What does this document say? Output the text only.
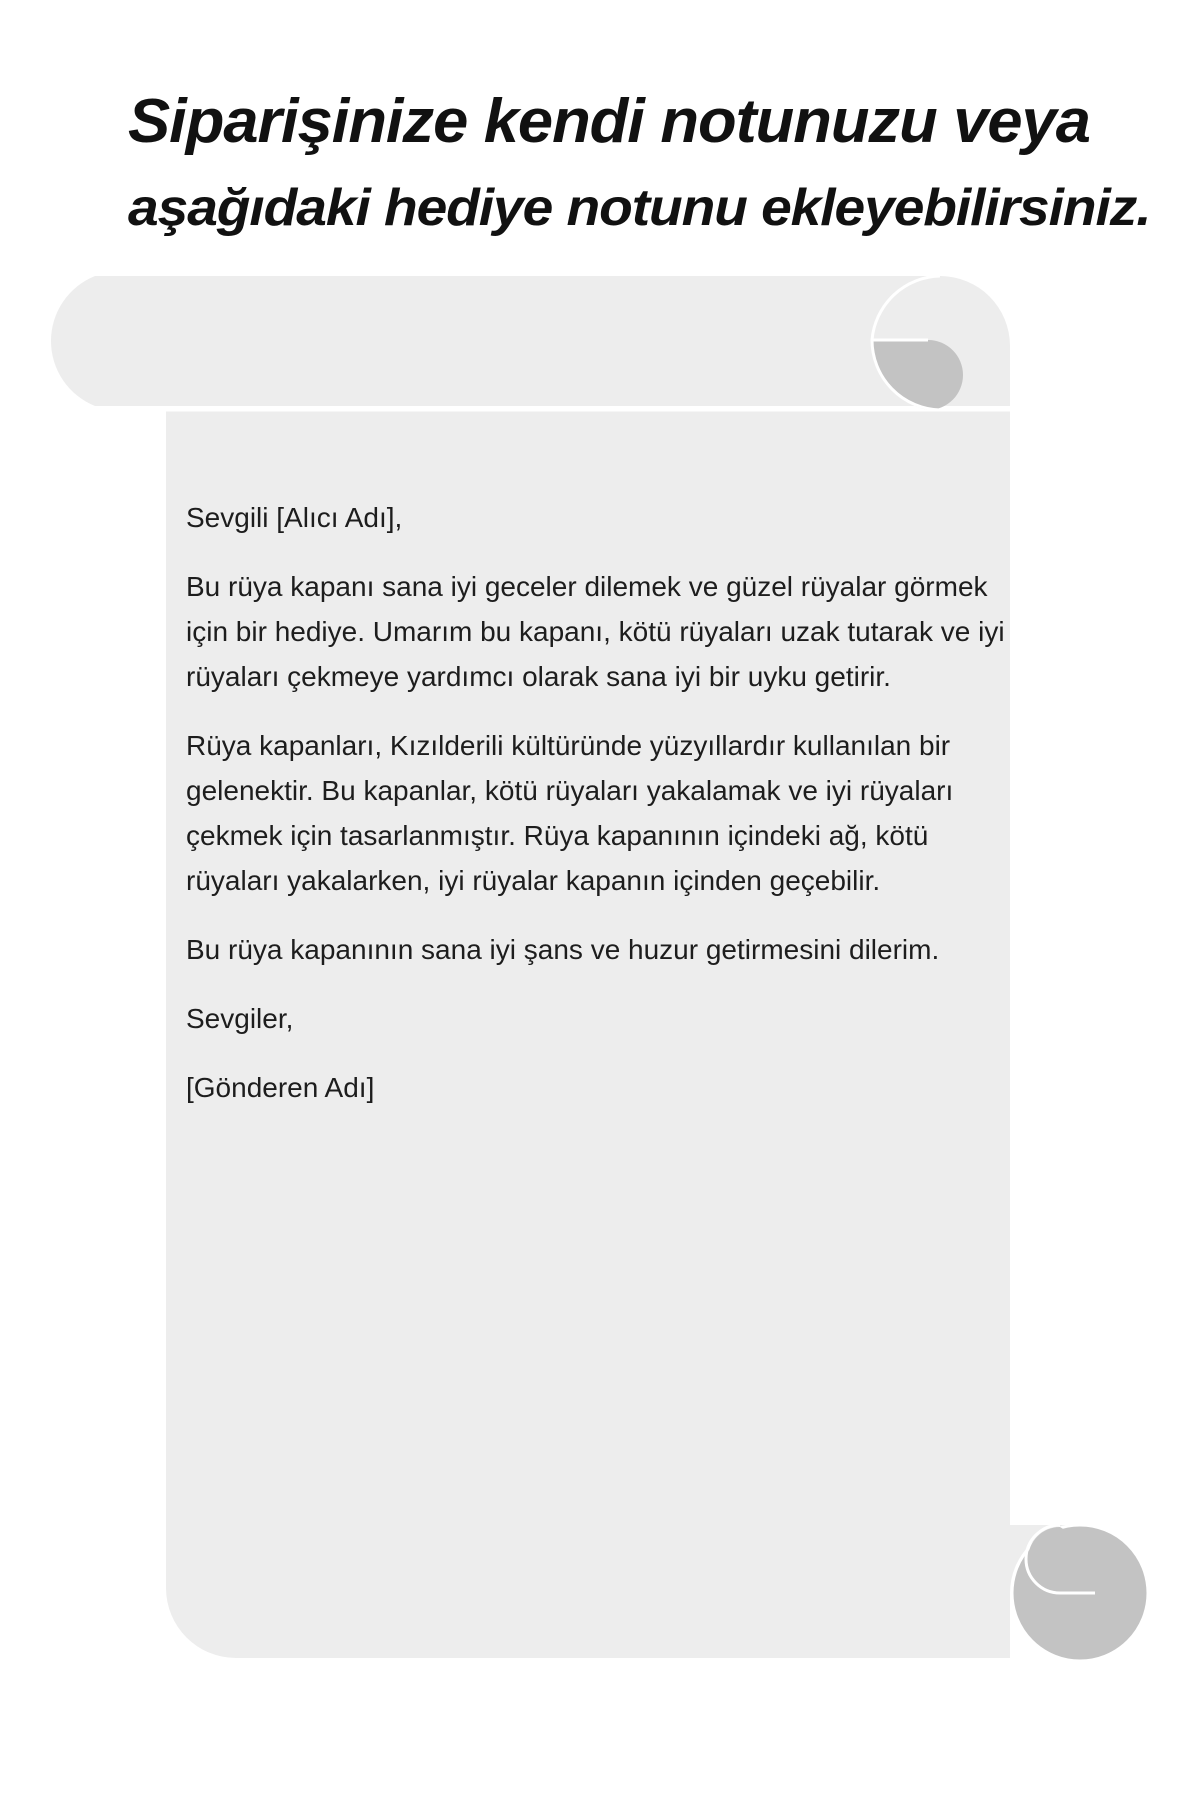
Siparişinize kendi notunuzu veya
aşağıdaki hediye notunu ekleyebilirsiniz.

Sevgili [Alıcı Adı],

Bu rüya kapanı sana iyi geceler dilemek ve güzel rüyalar görmek için bir hediye. Umarım bu kapanı, kötü rüyaları uzak tutarak ve iyi rüyaları çekmeye yardımcı olarak sana iyi bir uyku getirir.

Rüya kapanları, Kızılderili kültüründe yüzyıllardır kullanılan bir gelenektir. Bu kapanlar, kötü rüyaları yakalamak ve iyi rüyaları çekmek için tasarlanmıştır. Rüya kapanının içindeki ağ, kötü rüyaları yakalarken, iyi rüyalar kapanın içinden geçebilir.

Bu rüya kapanının sana iyi şans ve huzur getirmesini dilerim.

Sevgiler,

[Gönderen Adı]
